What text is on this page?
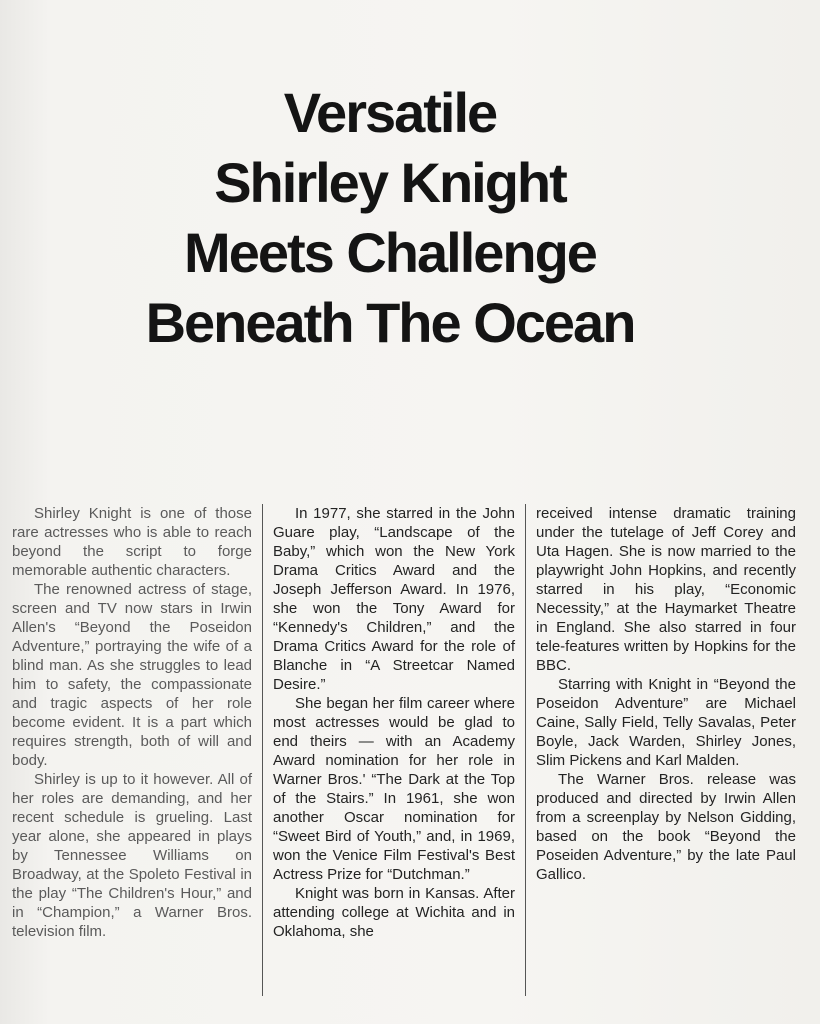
Versatile
Shirley Knight
Meets Challenge
Beneath The Ocean

Shirley Knight is one of those rare actresses who is able to reach beyond the script to forge memorable authentic characters.

The renowned actress of stage, screen and TV now stars in Irwin Allen's “Beyond the Poseidon Adventure,” portraying the wife of a blind man. As she struggles to lead him to safety, the compassionate and tragic aspects of her role become evident. It is a part which requires strength, both of will and body.

Shirley is up to it however. All of her roles are demanding, and her recent schedule is grueling. Last year alone, she appeared in plays by Tennessee Williams on Broadway, at the Spoleto Festival in the play “The Children's Hour,” and in “Champion,” a Warner Bros. television film.

In 1977, she starred in the John Guare play, “Landscape of the Baby,” which won the New York Drama Critics Award and the Joseph Jefferson Award. In 1976, she won the Tony Award for “Kennedy's Children,” and the Drama Critics Award for the role of Blanche in “A Streetcar Named Desire.”

She began her film career where most actresses would be glad to end theirs — with an Academy Award nomination for her role in Warner Bros.' “The Dark at the Top of the Stairs.” In 1961, she won another Oscar nomination for “Sweet Bird of Youth,” and, in 1969, won the Venice Film Festival's Best Actress Prize for “Dutchman.”

Knight was born in Kansas. After attending college at Wichita and in Oklahoma, she

received intense dramatic training under the tutelage of Jeff Corey and Uta Hagen. She is now married to the playwright John Hopkins, and recently starred in his play, “Economic Necessity,” at the Haymarket Theatre in England. She also starred in four tele-features written by Hopkins for the BBC.

Starring with Knight in “Beyond the Poseidon Adventure” are Michael Caine, Sally Field, Telly Savalas, Peter Boyle, Jack Warden, Shirley Jones, Slim Pickens and Karl Malden.

The Warner Bros. release was produced and directed by Irwin Allen from a screenplay by Nelson Gidding, based on the book “Beyond the Poseiden Adventure,” by the late Paul Gallico.
